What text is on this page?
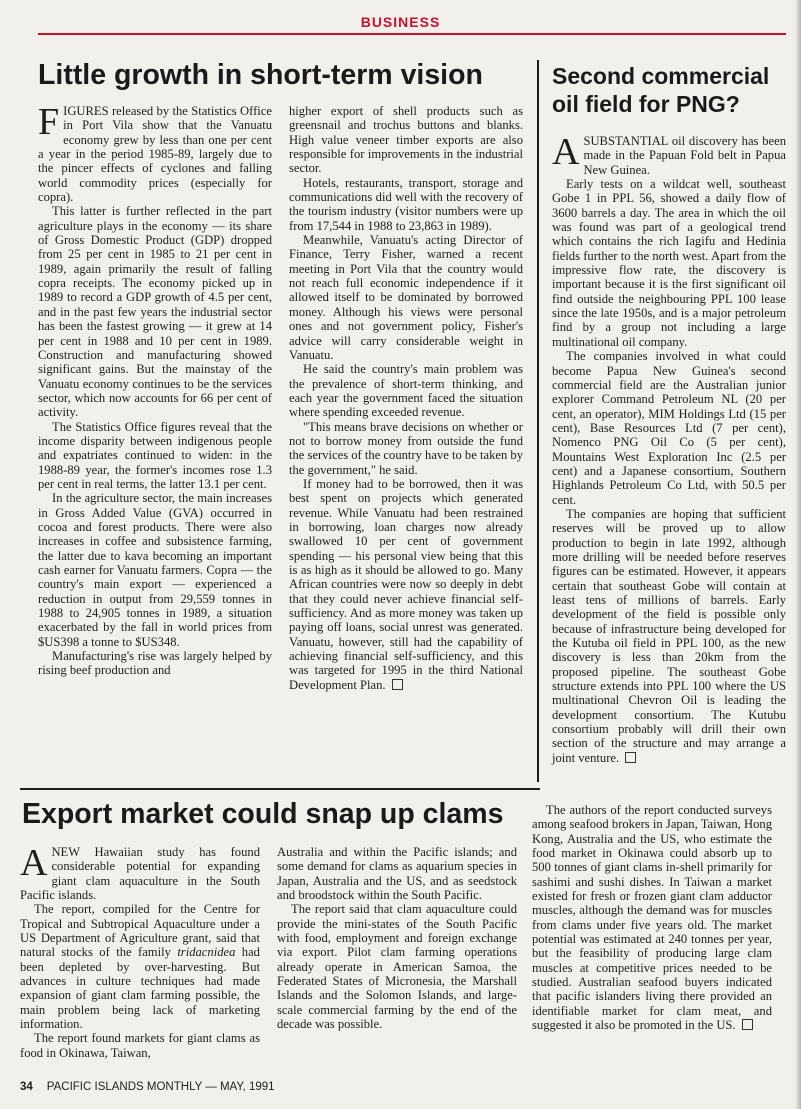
BUSINESS
Little growth in short-term vision

FIGURES released by the Statistics Office in Port Vila show that the Vanuatu economy grew by less than one per cent a year in the period 1985-89, largely due to the pincer effects of cyclones and falling world commodity prices (especially for copra).

This latter is further reflected in the part agriculture plays in the economy — its share of Gross Domestic Product (GDP) dropped from 25 per cent in 1985 to 21 per cent in 1989, again primarily the result of falling copra receipts. The economy picked up in 1989 to record a GDP growth of 4.5 per cent, and in the past few years the industrial sector has been the fastest growing — it grew at 14 per cent in 1988 and 10 per cent in 1989. Construction and manufacturing showed significant gains. But the mainstay of the Vanuatu economy continues to be the services sector, which now accounts for 66 per cent of activity.

The Statistics Office figures reveal that the income disparity between indigenous people and expatriates continued to widen: in the 1988-89 year, the former's incomes rose 1.3 per cent in real terms, the latter 13.1 per cent.

In the agriculture sector, the main increases in Gross Added Value (GVA) occurred in cocoa and forest products. There were also increases in coffee and subsistence farming, the latter due to kava becoming an important cash earner for Vanuatu farmers. Copra — the country's main export — experienced a reduction in output from 29,559 tonnes in 1988 to 24,905 tonnes in 1989, a situation exacerbated by the fall in world prices from $US398 a tonne to $US348.

Manufacturing's rise was largely helped by rising beef production and

higher export of shell products such as greensnail and trochus buttons and blanks. High value veneer timber exports are also responsible for improvements in the industrial sector.

Hotels, restaurants, transport, storage and communications did well with the recovery of the tourism industry (visitor numbers were up from 17,544 in 1988 to 23,863 in 1989).

Meanwhile, Vanuatu's acting Director of Finance, Terry Fisher, warned a recent meeting in Port Vila that the country would not reach full economic independence if it allowed itself to be dominated by borrowed money. Although his views were personal ones and not government policy, Fisher's advice will carry considerable weight in Vanuatu.

He said the country's main problem was the prevalence of short-term thinking, and each year the government faced the situation where spending exceeded revenue.

"This means brave decisions on whether or not to borrow money from outside the fund the services of the country have to be taken by the government," he said.

If money had to be borrowed, then it was best spent on projects which generated revenue. While Vanuatu had been restrained in borrowing, loan charges now already swallowed 10 per cent of government spending — his personal view being that this is as high as it should be allowed to go. Many African countries were now so deeply in debt that they could never achieve financial self-sufficiency. And as more money was taken up paying off loans, social unrest was generated. Vanuatu, however, still had the capability of achieving financial self-sufficiency, and this was targeted for 1995 in the third National Development Plan.

Second commercial oil field for PNG?

ASUBSTANTIAL oil discovery has been made in the Papuan Fold belt in Papua New Guinea.

Early tests on a wildcat well, southeast Gobe 1 in PPL 56, showed a daily flow of 3600 barrels a day. The area in which the oil was found was part of a geological trend which contains the rich Iagifu and Hedinia fields further to the north west. Apart from the impressive flow rate, the discovery is important because it is the first significant oil find outside the neighbouring PPL 100 lease since the late 1950s, and is a major petroleum find by a group not including a large multinational oil company.

The companies involved in what could become Papua New Guinea's second commercial field are the Australian junior explorer Command Petroleum NL (20 per cent, an operator), MIM Holdings Ltd (15 per cent), Base Resources Ltd (7 per cent), Nomenco PNG Oil Co (5 per cent), Mountains West Exploration Inc (2.5 per cent) and a Japanese consortium, Southern Highlands Petroleum Co Ltd, with 50.5 per cent.

The companies are hoping that sufficient reserves will be proved up to allow production to begin in late 1992, although more drilling will be needed before reserves figures can be estimated. However, it appears certain that southeast Gobe will contain at least tens of millions of barrels. Early development of the field is possible only because of infrastructure being developed for the Kutuba oil field in PPL 100, as the new discovery is less than 20km from the proposed pipeline. The southeast Gobe structure extends into PPL 100 where the US multinational Chevron Oil is leading the development consortium. The Kutubu consortium probably will drill their own section of the structure and may arrange a joint venture.

Export market could snap up clams

ANEW Hawaiian study has found considerable potential for expanding giant clam aquaculture in the South Pacific islands.

The report, compiled for the Centre for Tropical and Subtropical Aquaculture under a US Department of Agriculture grant, said that natural stocks of the family tridacnidea had been depleted by over-harvesting. But advances in culture techniques had made expansion of giant clam farming possible, the main problem being lack of marketing information.

The report found markets for giant clams as food in Okinawa, Taiwan,

Australia and within the Pacific islands; and some demand for clams as aquarium species in Japan, Australia and the US, and as seedstock and broodstock within the South Pacific.

The report said that clam aquaculture could provide the mini-states of the South Pacific with food, employment and foreign exchange via export. Pilot clam farming operations already operate in American Samoa, the Federated States of Micronesia, the Marshall Islands and the Solomon Islands, and large-scale commercial farming by the end of the decade was possible.

The authors of the report conducted surveys among seafood brokers in Japan, Taiwan, Hong Kong, Australia and the US, who estimate the food market in Okinawa could absorb up to 500 tonnes of giant clams in-shell primarily for sashimi and sushi dishes. In Taiwan a market existed for fresh or frozen giant clam adductor muscles, although the demand was for muscles from clams under five years old. The market potential was estimated at 240 tonnes per year, but the feasibility of producing large clam muscles at competitive prices needed to be studied. Australian seafood buyers indicated that pacific islanders living there provided an identifiable market for clam meat, and suggested it also be promoted in the US.

34 PACIFIC ISLANDS MONTHLY — MAY, 1991
